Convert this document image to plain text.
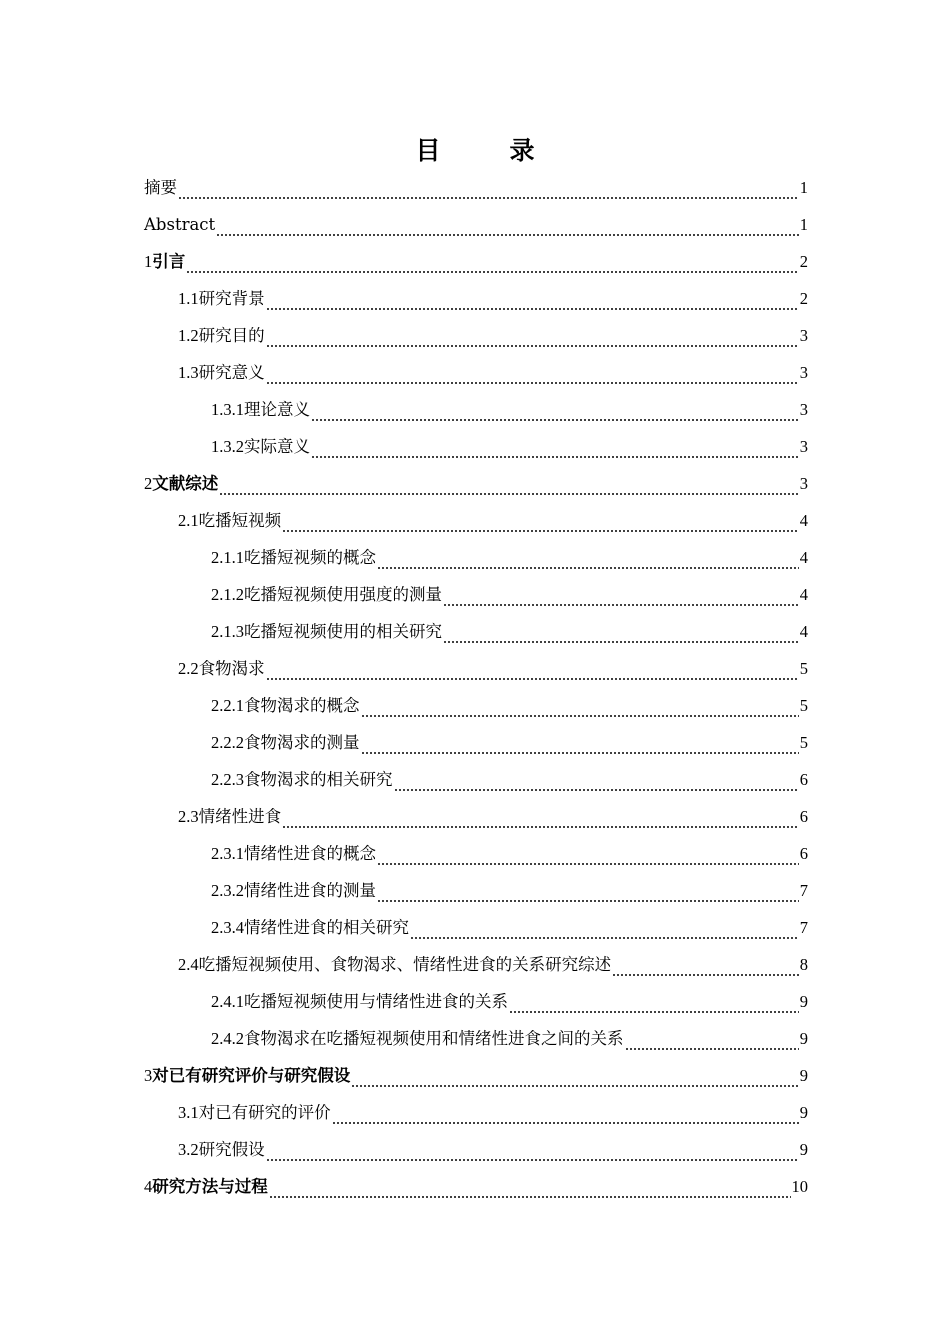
目　录
摘要	1
Abstract	1
1 引言	2
1.1 研究背景	2
1.2 研究目的	3
1.3 研究意义	3
1.3.1 理论意义	3
1.3.2 实际意义	3
2 文献综述	3
2.1 吃播短视频	4
2.1.1 吃播短视频的概念	4
2.1.2 吃播短视频使用强度的测量	4
2.1.3 吃播短视频使用的相关研究	4
2.2 食物渴求	5
2.2.1 食物渴求的概念	5
2.2.2 食物渴求的测量	5
2.2.3 食物渴求的相关研究	6
2.3 情绪性进食	6
2.3.1 情绪性进食的概念	6
2.3.2 情绪性进食的测量	7
2.3.4 情绪性进食的相关研究	7
2.4 吃播短视频使用、食物渴求、情绪性进食的关系研究综述	8
2.4.1 吃播短视频使用与情绪性进食的关系	9
2.4.2 食物渴求在吃播短视频使用和情绪性进食之间的关系	9
3 对已有研究评价与研究假设	9
3.1 对已有研究的评价	9
3.2 研究假设	9
4 研究方法与过程	10
